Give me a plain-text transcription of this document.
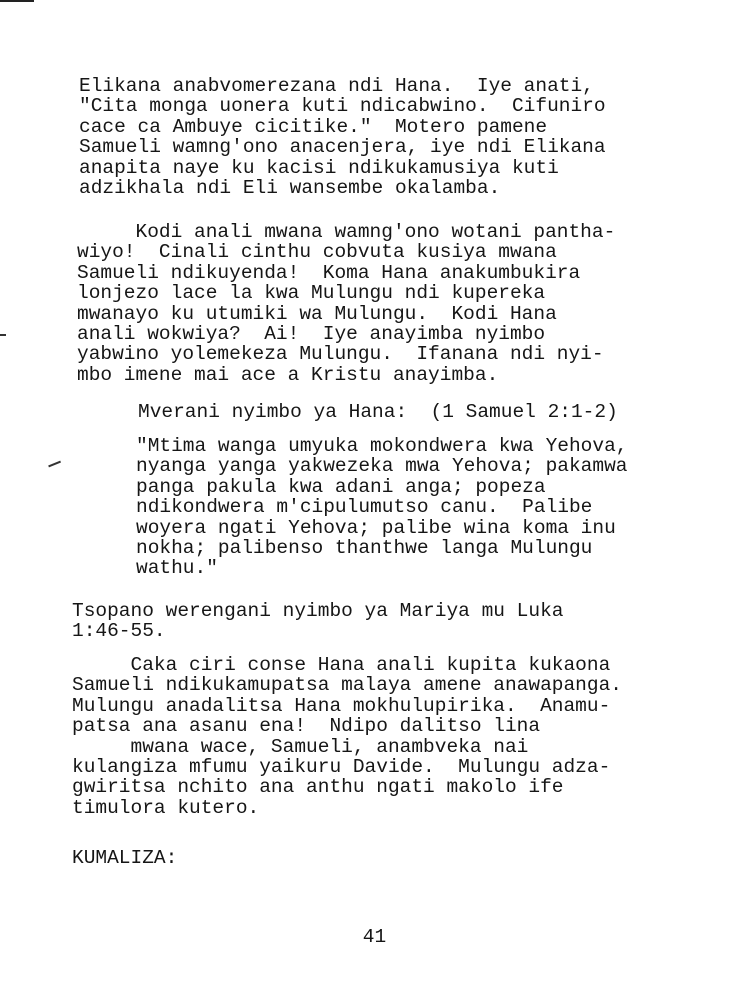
Elikana anabvomerezana ndi Hana.  Iye anati,
"Cita monga uonera kuti ndicabwino.  Cifuniro
cace ca Ambuye cicitike."  Motero pamene
Samueli wamng'ono anacenjera, iye ndi Elikana
anapita naye ku kacisi ndikukamusiya kuti
adzikhala ndi Eli wansembe okalamba.

Kodi anali mwana wamng'ono wotani pantha-
wiyo!  Cinali cinthu cobvuta kusiya mwana
Samueli ndikuyenda!  Koma Hana anakumbukira
lonjezo lace la kwa Mulungu ndi kupereka
mwanayo ku utumiki wa Mulungu.  Kodi Hana
anali wokwiya?  Ai!  Iye anayimba nyimbo
yabwino yolemekeza Mulungu.  Ifanana ndi nyi-
mbo imene mai ace a Kristu anayimba.

Mverani nyimbo ya Hana:  (1 Samuel 2:1-2)

"Mtima wanga umyuka mokondwera kwa Yehova,
nyanga yanga yakwezeka mwa Yehova; pakamwa
panga pakula kwa adani anga; popeza
ndikondwera m'cipulumutso canu.  Palibe
woyera ngati Yehova; palibe wina koma inu
nokha; palibenso thanthwe langa Mulungu
wathu."

Tsopano werengani nyimbo ya Mariya mu Luka
1:46-55.

Caka ciri conse Hana anali kupita kukaona
Samueli ndikukamupatsa malaya amene anawapanga.
Mulungu anadalitsa Hana mokhulupirika.  Anamu-
patsa ana asanu ena!  Ndipo dalitso lina
mwana wace, Samueli, anambveka nai
kulangiza mfumu yaikuru Davide.  Mulungu adza-
gwiritsa nchito ana anthu ngati makolo ife
timulora kutero.

KUMALIZA:

41
